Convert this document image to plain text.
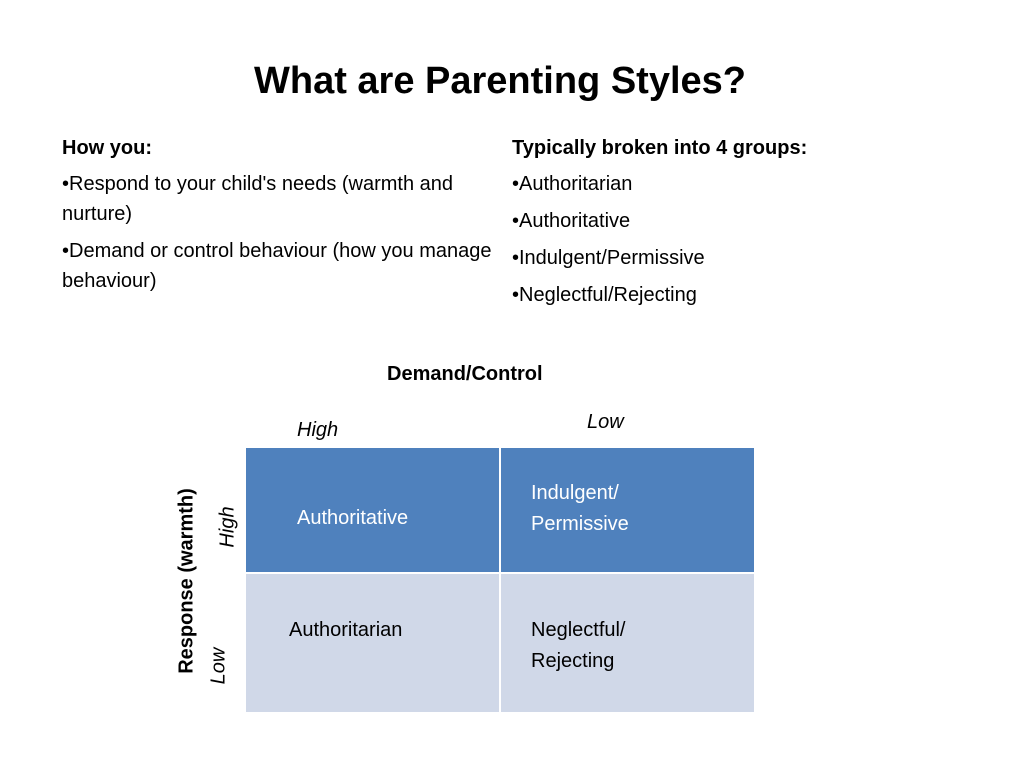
What are Parenting Styles?
How you:
•Respond to your child's needs (warmth and nurture)
•Demand or control behaviour (how you manage behaviour)
Typically broken into 4 groups:
•Authoritarian
•Authoritative
•Indulgent/Permissive
•Neglectful/Rejecting
Demand/Control
High	Low
Response (warmth) High
Low
Authoritative
Indulgent/ Permissive
Authoritarian	Neglectful/ Rejecting
